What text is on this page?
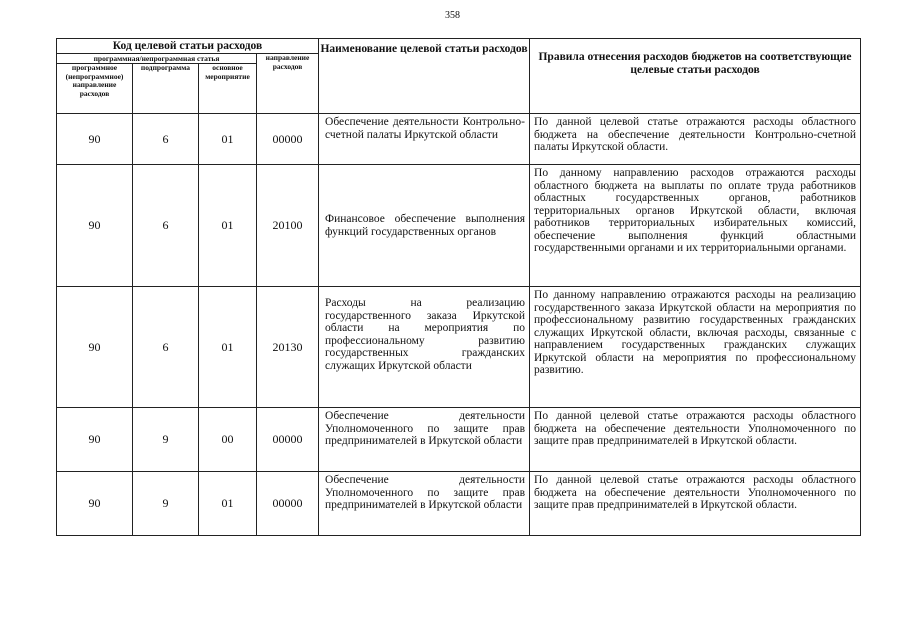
358
Код целевой статьи расходов				Наименование целевой статьи расходов	Правила отнесения расходов бюджетов на соответствующие целевые статьи расходов
программная/непрограммная статья			направление расходов		
программное (непрограммное) направление расходов	подпрограмма	основное мероприятие			
90	6	01	00000	Обеспечение деятельности Контрольно-счетной палаты Иркутской области	По данной целевой статье отражаются расходы областного бюджета на обеспечение деятельности Контрольно-счетной палаты Иркутской области.
90	6	01	20100	Финансовое обеспечение выполнения функций государственных органов	По данному направлению расходов отражаются расходы областного бюджета на выплаты по оплате труда работников областных государственных органов, работников территориальных органов Иркутской области, включая работников территориальных избирательных комиссий, обеспечение выполнения функций областными государственными органами и их территориальными органами.
90	6	01	20130	Расходы на реализацию государственного заказа Иркутской области на мероприятия по профессиональному развитию государственных гражданских служащих Иркутской области	По данному направлению отражаются расходы на реализацию государственного заказа Иркутской области на мероприятия по профессиональному развитию государственных гражданских служащих Иркутской области, включая расходы, связанные с направлением государственных гражданских служащих Иркутской области на мероприятия по профессиональному развитию.
90	9	00	00000	Обеспечение деятельности Уполномоченного по защите прав предпринимателей в Иркутской области	По данной целевой статье отражаются расходы областного бюджета на обеспечение деятельности Уполномоченного по защите прав предпринимателей в Иркутской области.
90	9	01	00000	Обеспечение деятельности Уполномоченного по защите прав предпринимателей в Иркутской области	По данной целевой статье отражаются расходы областного бюджета на обеспечение деятельности Уполномоченного по защите прав предпринимателей в Иркутской области.
